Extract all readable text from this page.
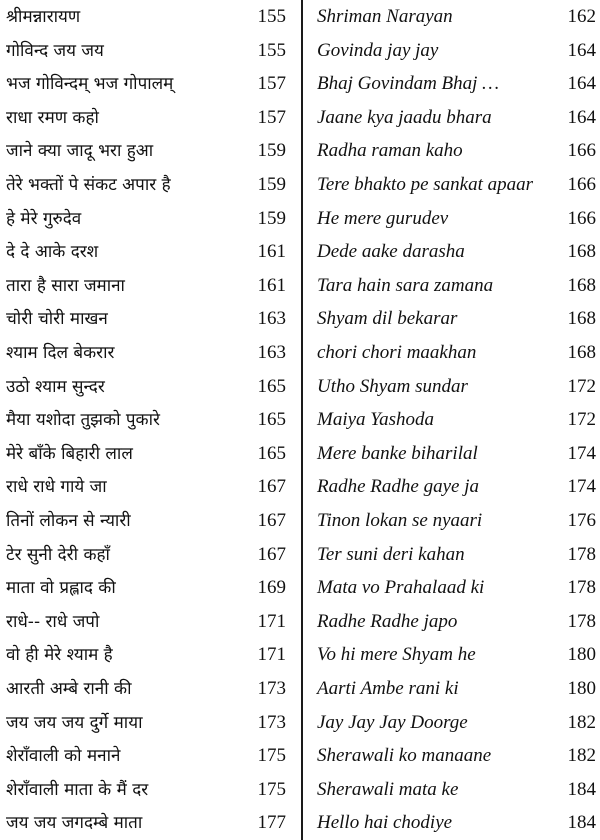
श्रीमन्नारायण	155
गोविन्द जय जय	155
भज गोविन्दम् भज गोपालम्	157
राधा रमण कहो	157
जाने क्या जादू भरा हुआ	159
तेरे भक्तों पे संकट अपार है	159
हे मेरे गुरुदेव	159
दे दे आके दरश	161
तारा है सारा जमाना	161
चोरी चोरी माखन	163
श्याम दिल बेकरार	163
उठो श्याम सुन्दर	165
मैया यशोदा तुझको पुकारे	165
मेरे बाँके बिहारी लाल	165
राधे राधे गाये जा	167
तिनों लोकन से न्यारी	167
टेर सुनी देरी कहाँ	167
माता वो प्रह्लाद की	169
राधे-- राधे जपो	171
वो ही मेरे श्याम है	171
आरती अम्बे रानी की	173
जय जय जय दुर्गे माया	173
शेराँवाली को मनाने	175
शेराँवाली माता के मैं दर	175
जय जय जगदम्बे माता	177
Shriman Narayan	162
Govinda jay jay	164
Bhaj Govindam Bhaj …	164
Jaane kya jaadu bhara	164
Radha raman kaho	166
Tere bhakto pe sankat apaar 166
He mere gurudev	166
Dede aake darasha	168
Tara hain sara zamana	168
Shyam dil bekarar	168
chori chori maakhan	168
Utho Shyam sundar	172
Maiya Yashoda	172
Mere banke biharilal	174
Radhe Radhe gaye ja	174
Tinon lokan se nyaari	176
Ter suni deri kahan	178
Mata vo Prahalaad ki	178
Radhe Radhe japo	178
Vo hi mere Shyam he	180
Aarti Ambe rani ki	180
Jay Jay Jay Doorge	182
Sherawali ko manaane	182
Sherawali mata ke	184
Hello hai chodiye	184
